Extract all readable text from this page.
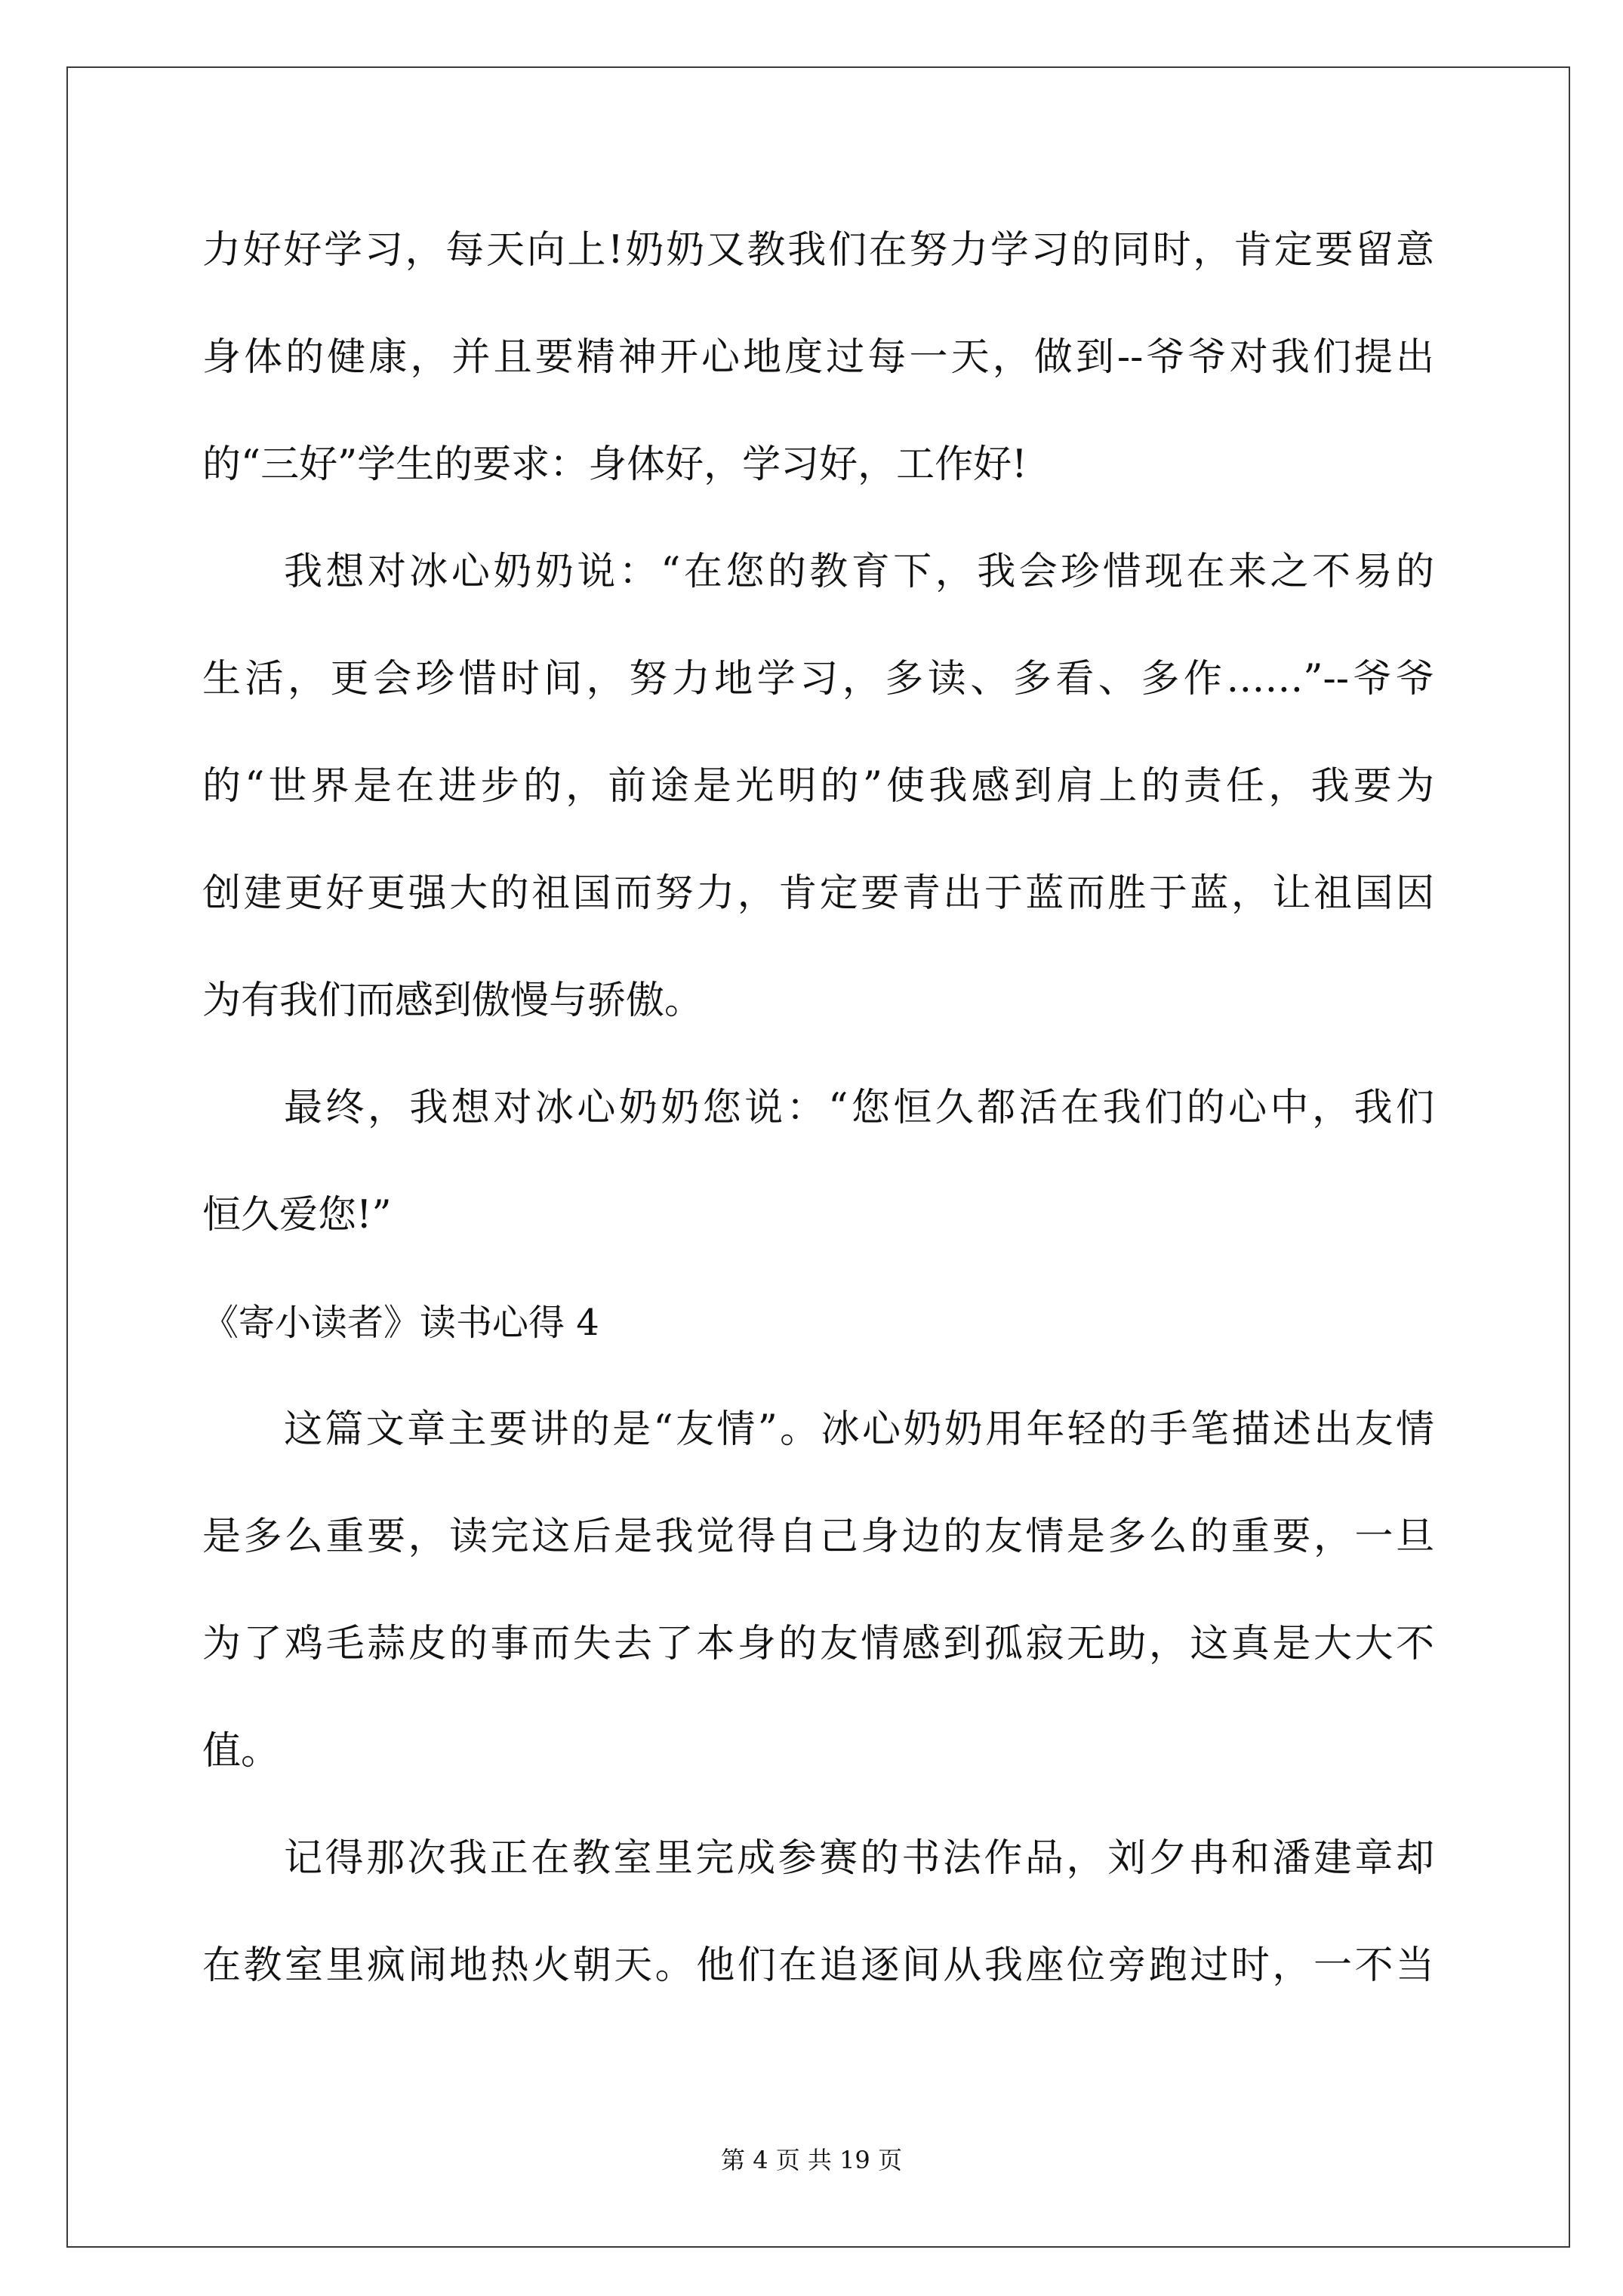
力好好学习，每天向上!奶奶又教我们在努力学习的同时，肯定要留意
身体的健康，并且要精神开心地度过每一天，做到--爷爷对我们提出
的“三好”学生的要求：身体好，学习好，工作好!
我想对冰心奶奶说：“在您的教育下，我会珍惜现在来之不易的
生活，更会珍惜时间，努力地学习，多读、多看、多作……”--爷爷
的“世界是在进步的，前途是光明的”使我感到肩上的责任，我要为
创建更好更强大的祖国而努力，肯定要青出于蓝而胜于蓝，让祖国因
为有我们而感到傲慢与骄傲。
最终，我想对冰心奶奶您说：“您恒久都活在我们的心中，我们
恒久爱您!”
《寄小读者》读书心得 4
这篇文章主要讲的是“友情”。冰心奶奶用年轻的手笔描述出友情
是多么重要，读完这后是我觉得自己身边的友情是多么的重要，一旦
为了鸡毛蒜皮的事而失去了本身的友情感到孤寂无助，这真是大大不
值。
记得那次我正在教室里完成参赛的书法作品，刘夕冉和潘建章却
在教室里疯闹地热火朝天。他们在追逐间从我座位旁跑过时，一不当
第 4 页 共 19 页
